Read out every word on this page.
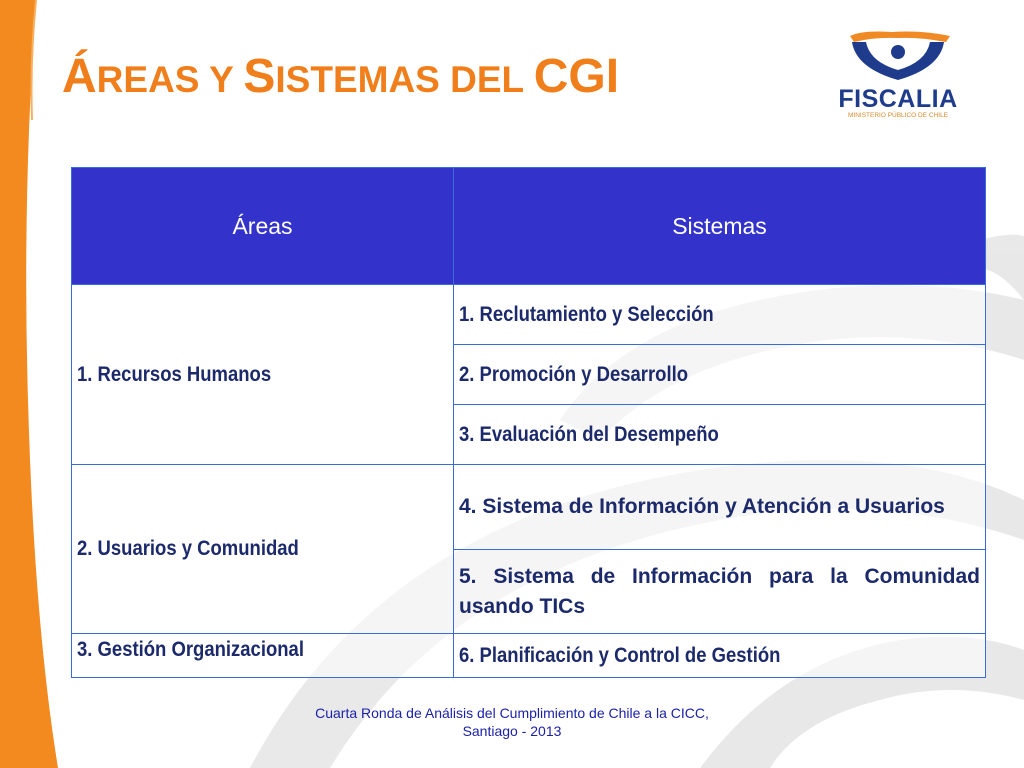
ÁREAS Y SISTEMAS DEL CGI	FISCALIA
MINISTERIO PÚBLICO DE CHILE
Áreas	Sistemas
1. Recursos Humanos	1. Reclutamiento y Selección
	2. Promoción y Desarrollo
	3. Evaluación del Desempeño
2. Usuarios y Comunidad	4. Sistema de Información y Atención a Usuarios
	5. Sistema de Información para la Comunidad usando TICs
3. Gestión Organizacional	6. Planificación y Control de Gestión
Cuarta Ronda de Análisis del Cumplimiento de Chile a la CICC,
Santiago - 2013
